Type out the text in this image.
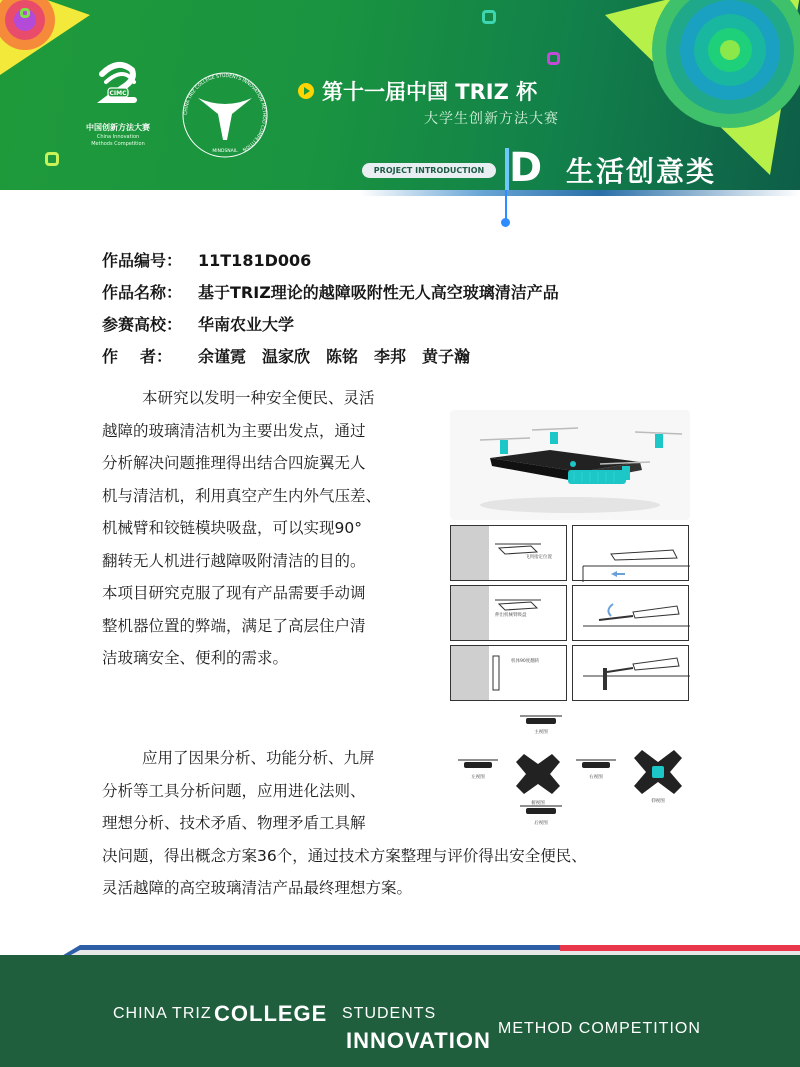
CIMC
中国创新方法大赛
China Innovation
Methods Competition
CHINA TRIZ COLLEGE STUDENTS INNOVATION METHOD COMPETITION
MINDSNAIL
第十一届中国 TRIZ 杯
大学生创新方法大赛
PROJECT INTRODUCTION D 生活创意类
作品编号： 11T181D006
作品名称： 基于TRIZ理论的越障吸附性无人高空玻璃清洁产品
参赛高校： 华南农业大学
作 者： 余谨霓　温家欣　陈铭　李邦　黄子瀚
本研究以发明一种安全便民、灵活
越障的玻璃清洁机为主要出发点，通过
分析解决问题推理得出结合四旋翼无人
机与清洁机，利用真空产生内外气压差、
机械臂和铰链模块吸盘，可以实现90°
翻转无人机进行越障吸附清洁的目的。
本项目研究克服了现有产品需要手动调
整机器位置的弊端，满足了高层住户清
洁玻璃安全、便利的需求。
飞到指定位置
伸出机械臂吸盘
机体90度翻转
主视图
左视图
俯视图
右视图
仰视图
后视图
应用了因果分析、功能分析、九屏
分析等工具分析问题，应用进化法则、
理想分析、技术矛盾、物理矛盾工具解
决问题，得出概念方案36个，通过技术方案整理与评价得出安全便民、
灵活越障的高空玻璃清洁产品最终理想方案。
CHINA TRIZ COLLEGE STUDENTS
INNOVATION METHOD COMPETITION
